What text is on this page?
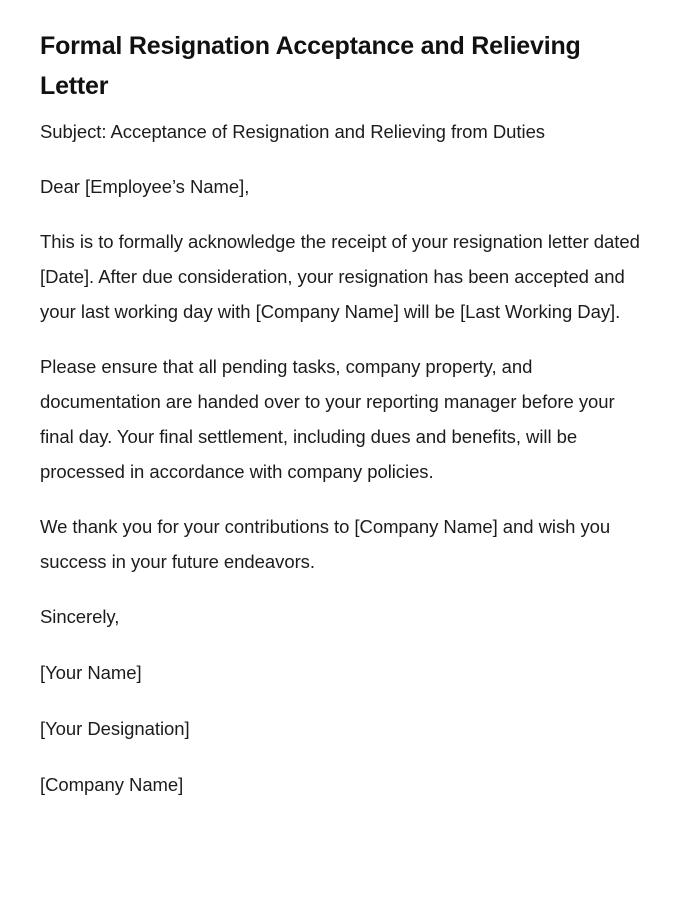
Formal Resignation Acceptance and Relieving Letter

Subject: Acceptance of Resignation and Relieving from Duties

Dear [Employee’s Name],

This is to formally acknowledge the receipt of your resignation letter dated [Date]. After due consideration, your resignation has been accepted and your last working day with [Company Name] will be [Last Working Day].

Please ensure that all pending tasks, company property, and documentation are handed over to your reporting manager before your final day. Your final settlement, including dues and benefits, will be processed in accordance with company policies.

We thank you for your contributions to [Company Name] and wish you success in your future endeavors.

Sincerely,

[Your Name]

[Your Designation]

[Company Name]
